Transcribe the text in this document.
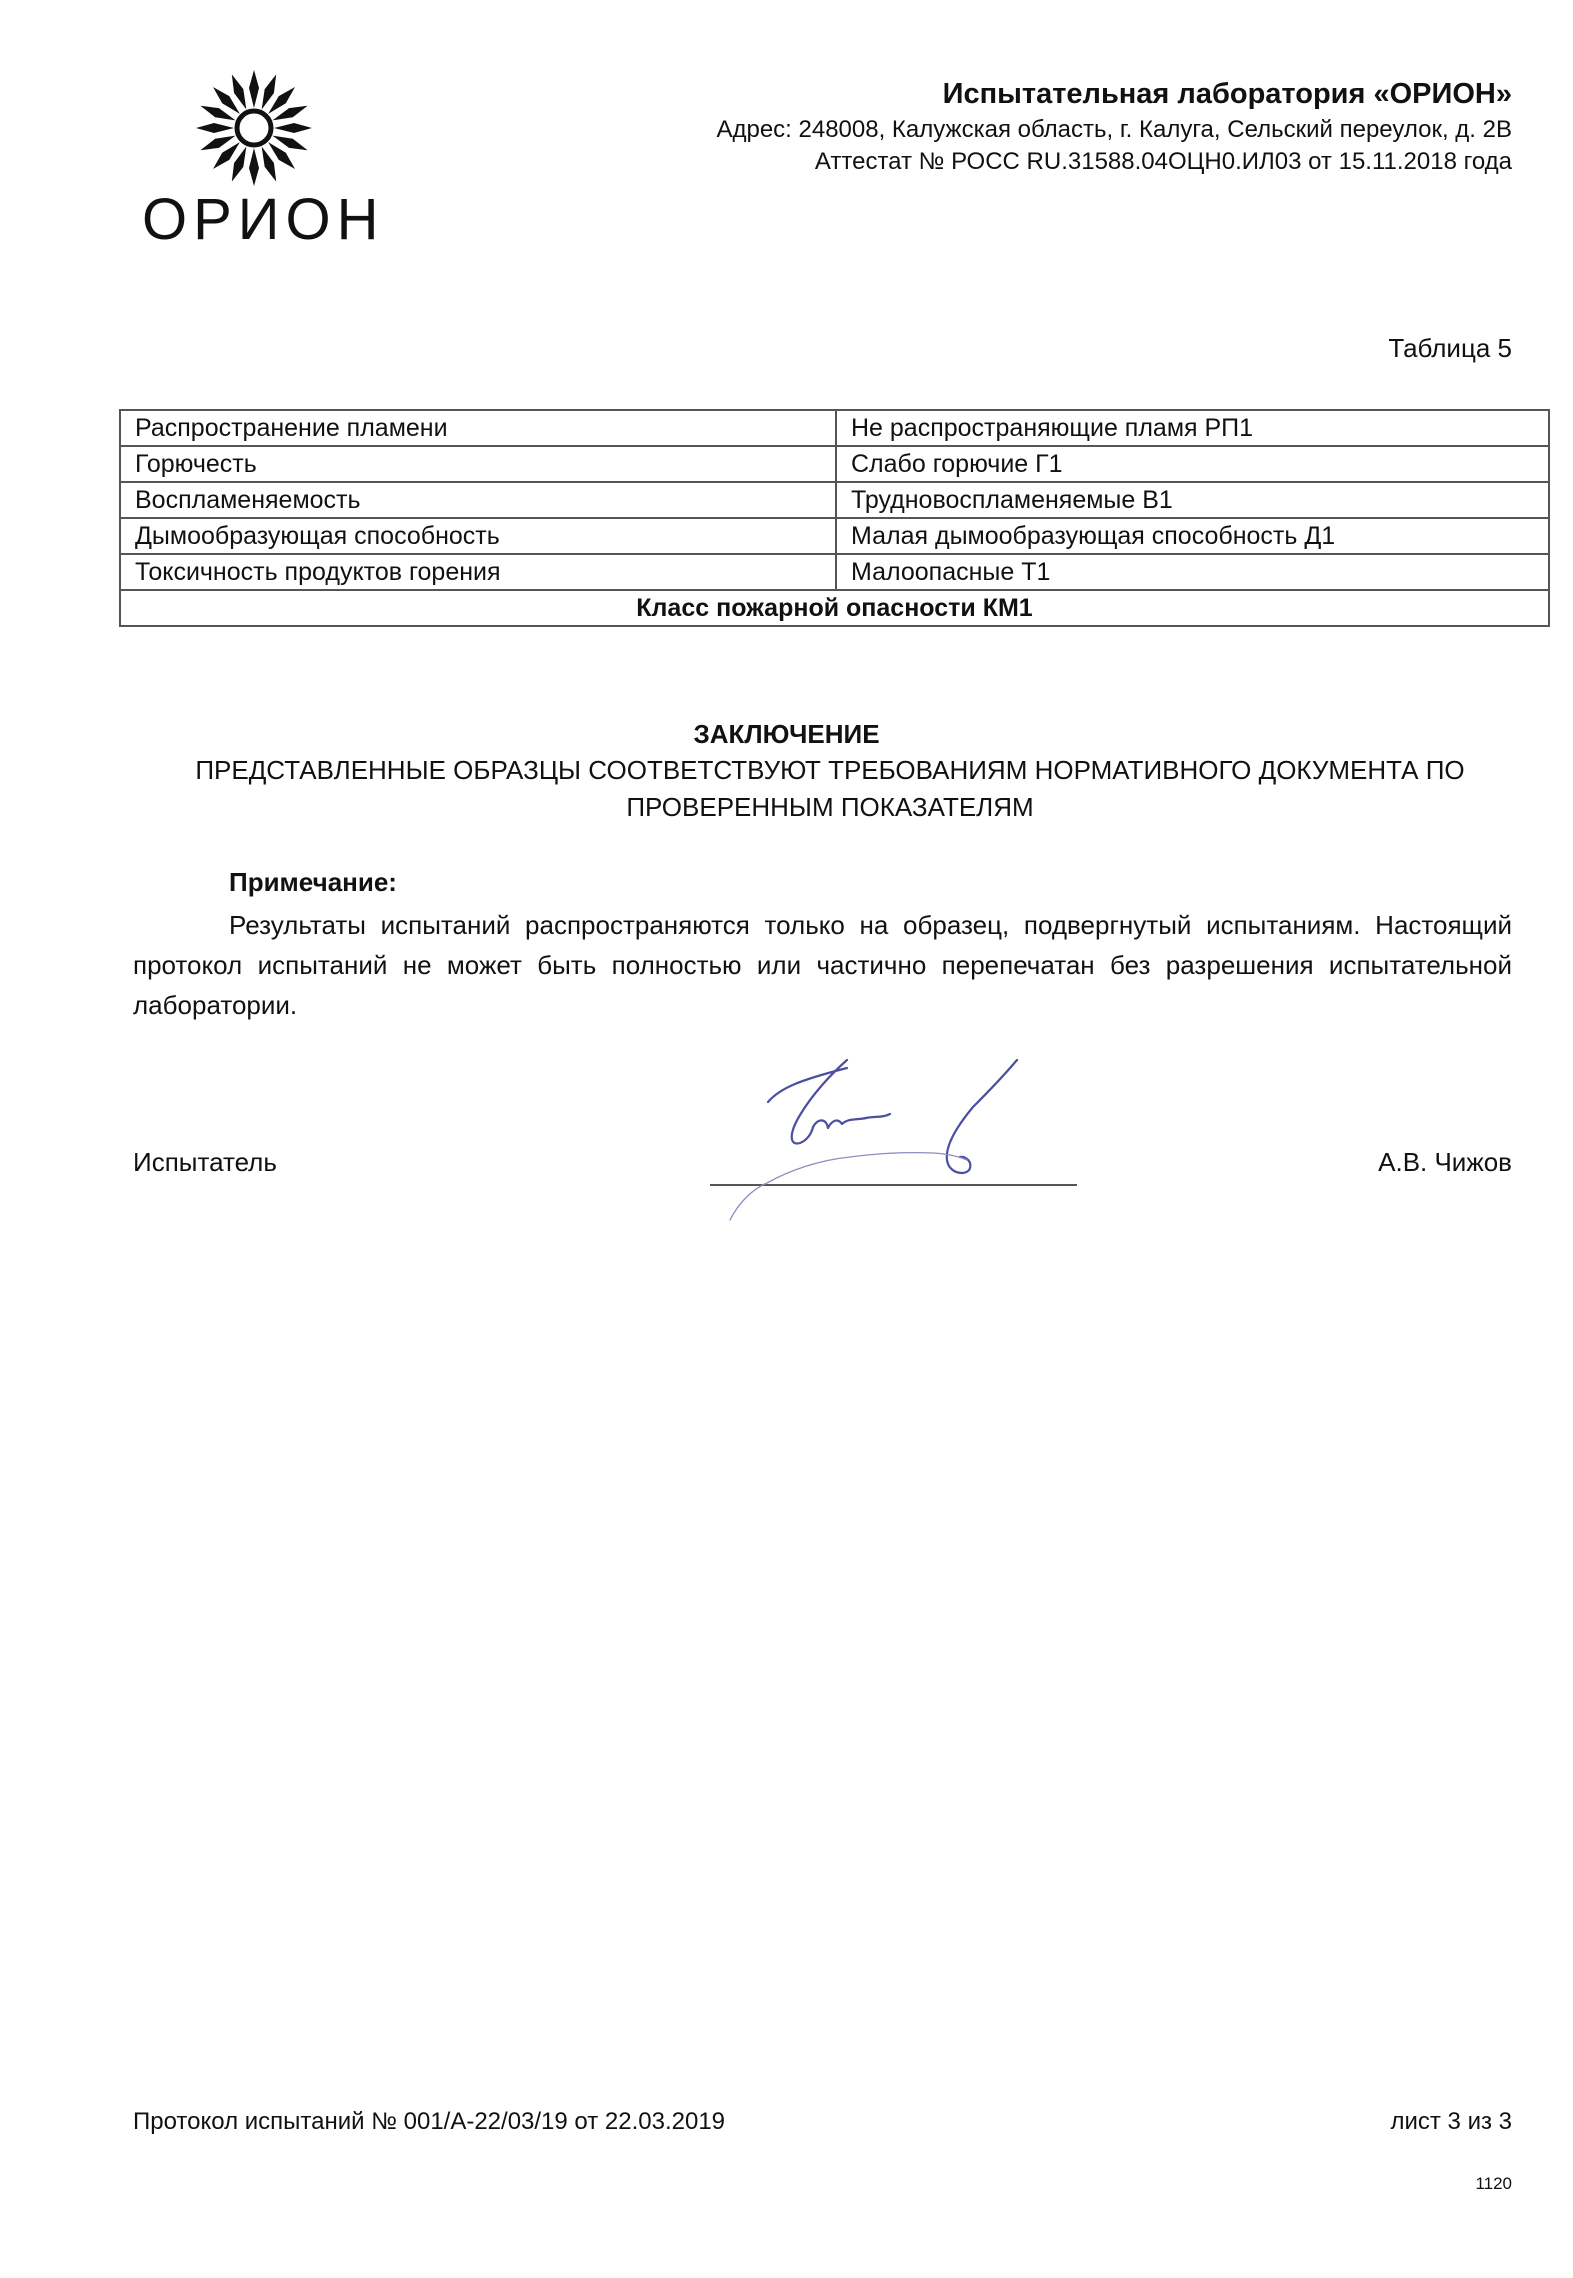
ОРИОН
Испытательная лаборатория «ОРИОН»
Адрес: 248008, Калужская область, г. Калуга, Сельский переулок, д. 2В
Аттестат № РОСС RU.31588.04ОЦН0.ИЛ03 от 15.11.2018 года
Таблица 5
Распространение пламени	Не распространяющие пламя РП1
Горючесть	Слабо горючие Г1
Воспламеняемость	Трудновоспламеняемые В1
Дымообразующая способность	Малая дымообразующая способность Д1
Токсичность продуктов горения	Малоопасные Т1
Класс пожарной опасности КМ1	
ЗАКЛЮЧЕНИЕ
ПРЕДСТАВЛЕННЫЕ ОБРАЗЦЫ СООТВЕТСТВУЮТ ТРЕБОВАНИЯМ НОРМАТИВНОГО ДОКУМЕНТА ПО ПРОВЕРЕННЫМ ПОКАЗАТЕЛЯМ
Примечание:
Результаты испытаний распространяются только на образец, подвергнутый испытаниям. Настоящий протокол испытаний не может быть полностью или частично перепечатан без разрешения испытательной лаборатории.
Испытатель	А.В. Чижов
Протокол испытаний № 001/А-22/03/19 от 22.03.2019	лист 3 из 3
1120
